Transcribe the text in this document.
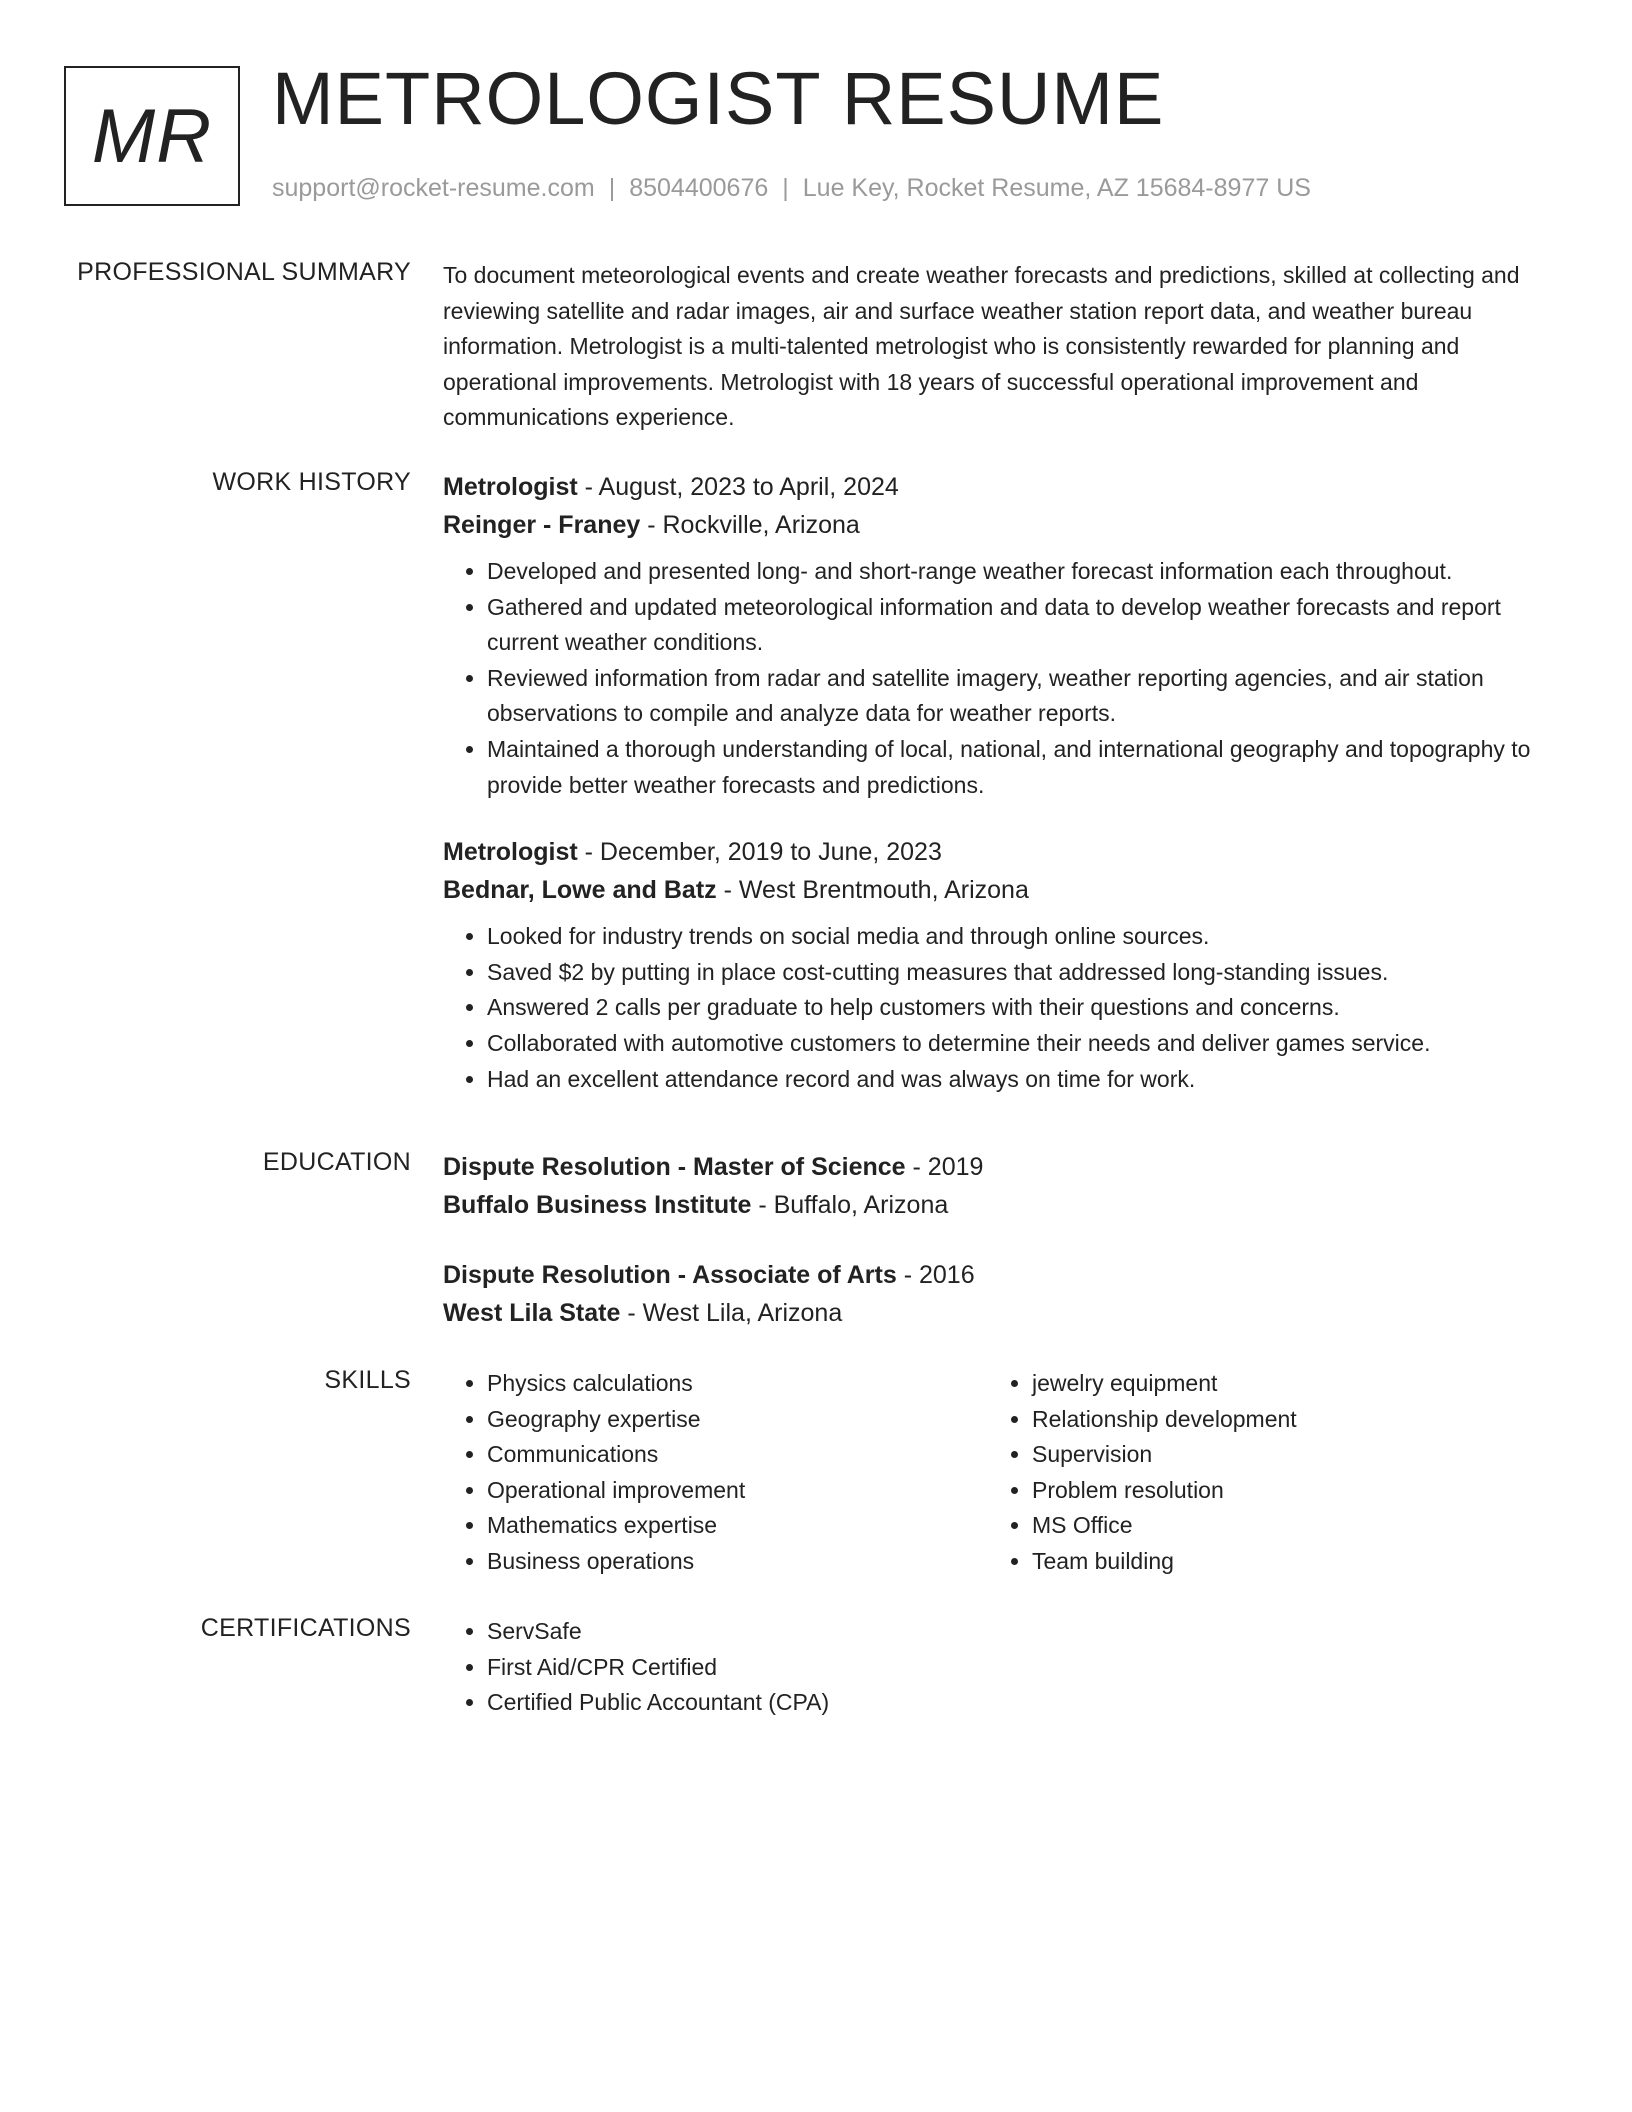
MR METROLOGIST RESUME
support@rocket-resume.com | 8504400676 | Lue Key, Rocket Resume, AZ 15684-8977 US
PROFESSIONAL SUMMARY To document meteorological events and create weather forecasts and predictions, skilled at collecting and reviewing satellite and radar images, air and surface weather station report data, and weather bureau information. Metrologist is a multi-talented metrologist who is consistently rewarded for planning and operational improvements. Metrologist with 18 years of successful operational improvement and communications experience.
WORK HISTORY Metrologist - August, 2023 to April, 2024
Reinger - Franey - Rockville, Arizona
• Developed and presented long- and short-range weather forecast information each throughout.
• Gathered and updated meteorological information and data to develop weather forecasts and report current weather conditions.
• Reviewed information from radar and satellite imagery, weather reporting agencies, and air station observations to compile and analyze data for weather reports.
• Maintained a thorough understanding of local, national, and international geography and topography to provide better weather forecasts and predictions.
Metrologist - December, 2019 to June, 2023
Bednar, Lowe and Batz - West Brentmouth, Arizona
• Looked for industry trends on social media and through online sources.
• Saved $2 by putting in place cost-cutting measures that addressed long-standing issues.
• Answered 2 calls per graduate to help customers with their questions and concerns.
• Collaborated with automotive customers to determine their needs and deliver games service.
• Had an excellent attendance record and was always on time for work.
EDUCATION Dispute Resolution - Master of Science - 2019
Buffalo Business Institute - Buffalo, Arizona
Dispute Resolution - Associate of Arts - 2016
West Lila State - West Lila, Arizona
SKILLS	• Physics calculations
• Geography expertise
• Communications
• Operational improvement
• Mathematics expertise
• Business operations
• jewelry equipment
• Relationship development
• Supervision
• Problem resolution
• MS Office
• Team building
CERTIFICATIONS	• ServSafe
• First Aid/CPR Certified
• Certified Public Accountant (CPA)
